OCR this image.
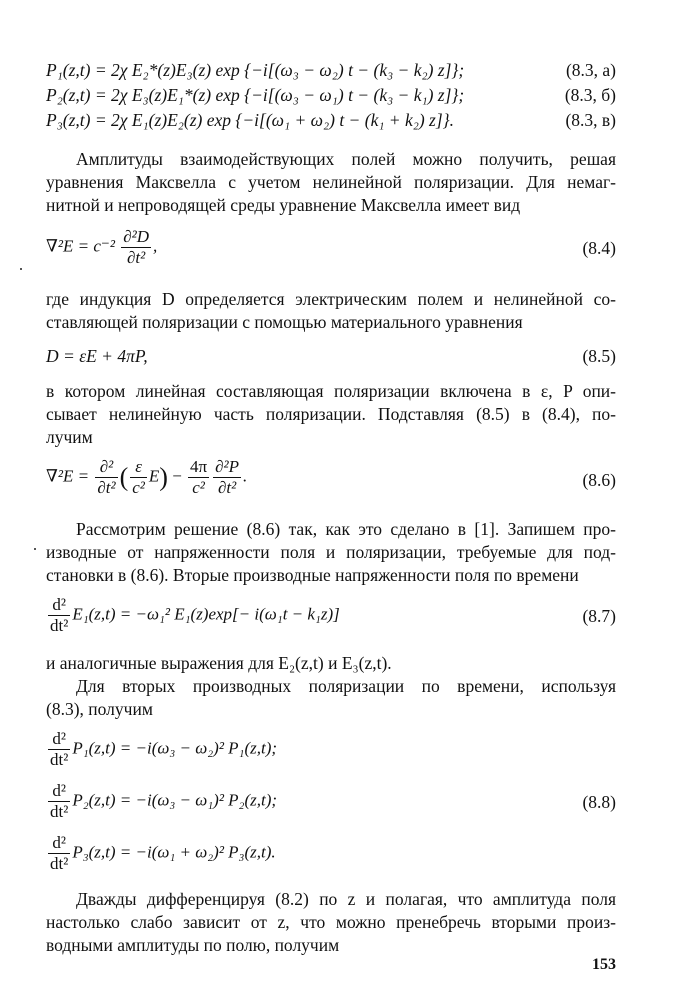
P₁(z,t) = 2χ E₂*(z)E₃(z) exp {−i[(ω₃ − ω₂) t − (k₃ − k₂) z]};	(8.3, а)
P₂(z,t) = 2χ E₃(z)E₁*(z) exp {−i[(ω₃ − ω₁) t − (k₃ − k₁) z]};	(8.3, б)
P₃(z,t) = 2χ E₁(z)E₂(z) exp {−i[(ω₁ + ω₂) t − (k₁ + k₂) z]}.	(8.3, в)
Амплитуды взаимодействующих полей можно получить, решая
уравнения Максвелла с учетом нелинейной поляризации. Для немаг-
нитной и непроводящей среды уравнение Максвелла имеет вид
$\nabla^2E = c^{-2} \frac{\text{∂²D}}{\text{∂t²}}$ ,	(8.4)
где индукция D определяется электрическим полем и нелинейной со-
ставляющей поляризации с помощью материального уравнения
D = εE + 4πP,	(8.5)
в котором линейная составляющая поляризации включена в ε, P опи-
сывает нелинейную часть поляризации. Подставляя (8.5) в (8.4), по-
лучим
$\nabla^2E = \frac{\text{∂²}}{\text{∂t²}}$ ( $\frac{\varepsilon}{\text{c²}} E) - \frac{4\pi}{\text{c²}} \frac{\text{∂²P}}{\text{∂t²}}$ .	(8.6)
Рассмотрим решение (8.6) так, как это сделано в [1]. Запишем про-
изводные от напряженности поля и поляризации, требуемые для под-
становки в (8.6). Вторые производные напряженности поля по времени
$\frac{\text{d²}}{\text{dt²}} E_1(z,t) = -\omega_1^2$ E₁(z)exp[− i(ω₁t − k₁z)]	(8.7)
и аналогичные выражения для E₂(z,t) и E₃(z,t).
Для вторых производных поляризации по времени, используя
(8.3), получим
$\frac{\text{d²}}{\text{dt²}} P_1(z,t) = -i(\omega_3 - \omega_2)^2$ P₁(z,t);
$\frac{\text{d²}}{\text{dt²}} P_2(z,t) = -i(\omega_3 - \omega_1)^2$ P₂(z,t);
$\frac{\text{d²}}{\text{dt²}} P_3(z,t) = -i(\omega_1 + \omega_2)^2$ P₃(z,t).
(8.8)
Дважды дифференцируя (8.2) по z и полагая, что амплитуда поля
настолько слабо зависит от z, что можно пренебречь вторыми произ-
водными амплитуды по полю, получим
153
